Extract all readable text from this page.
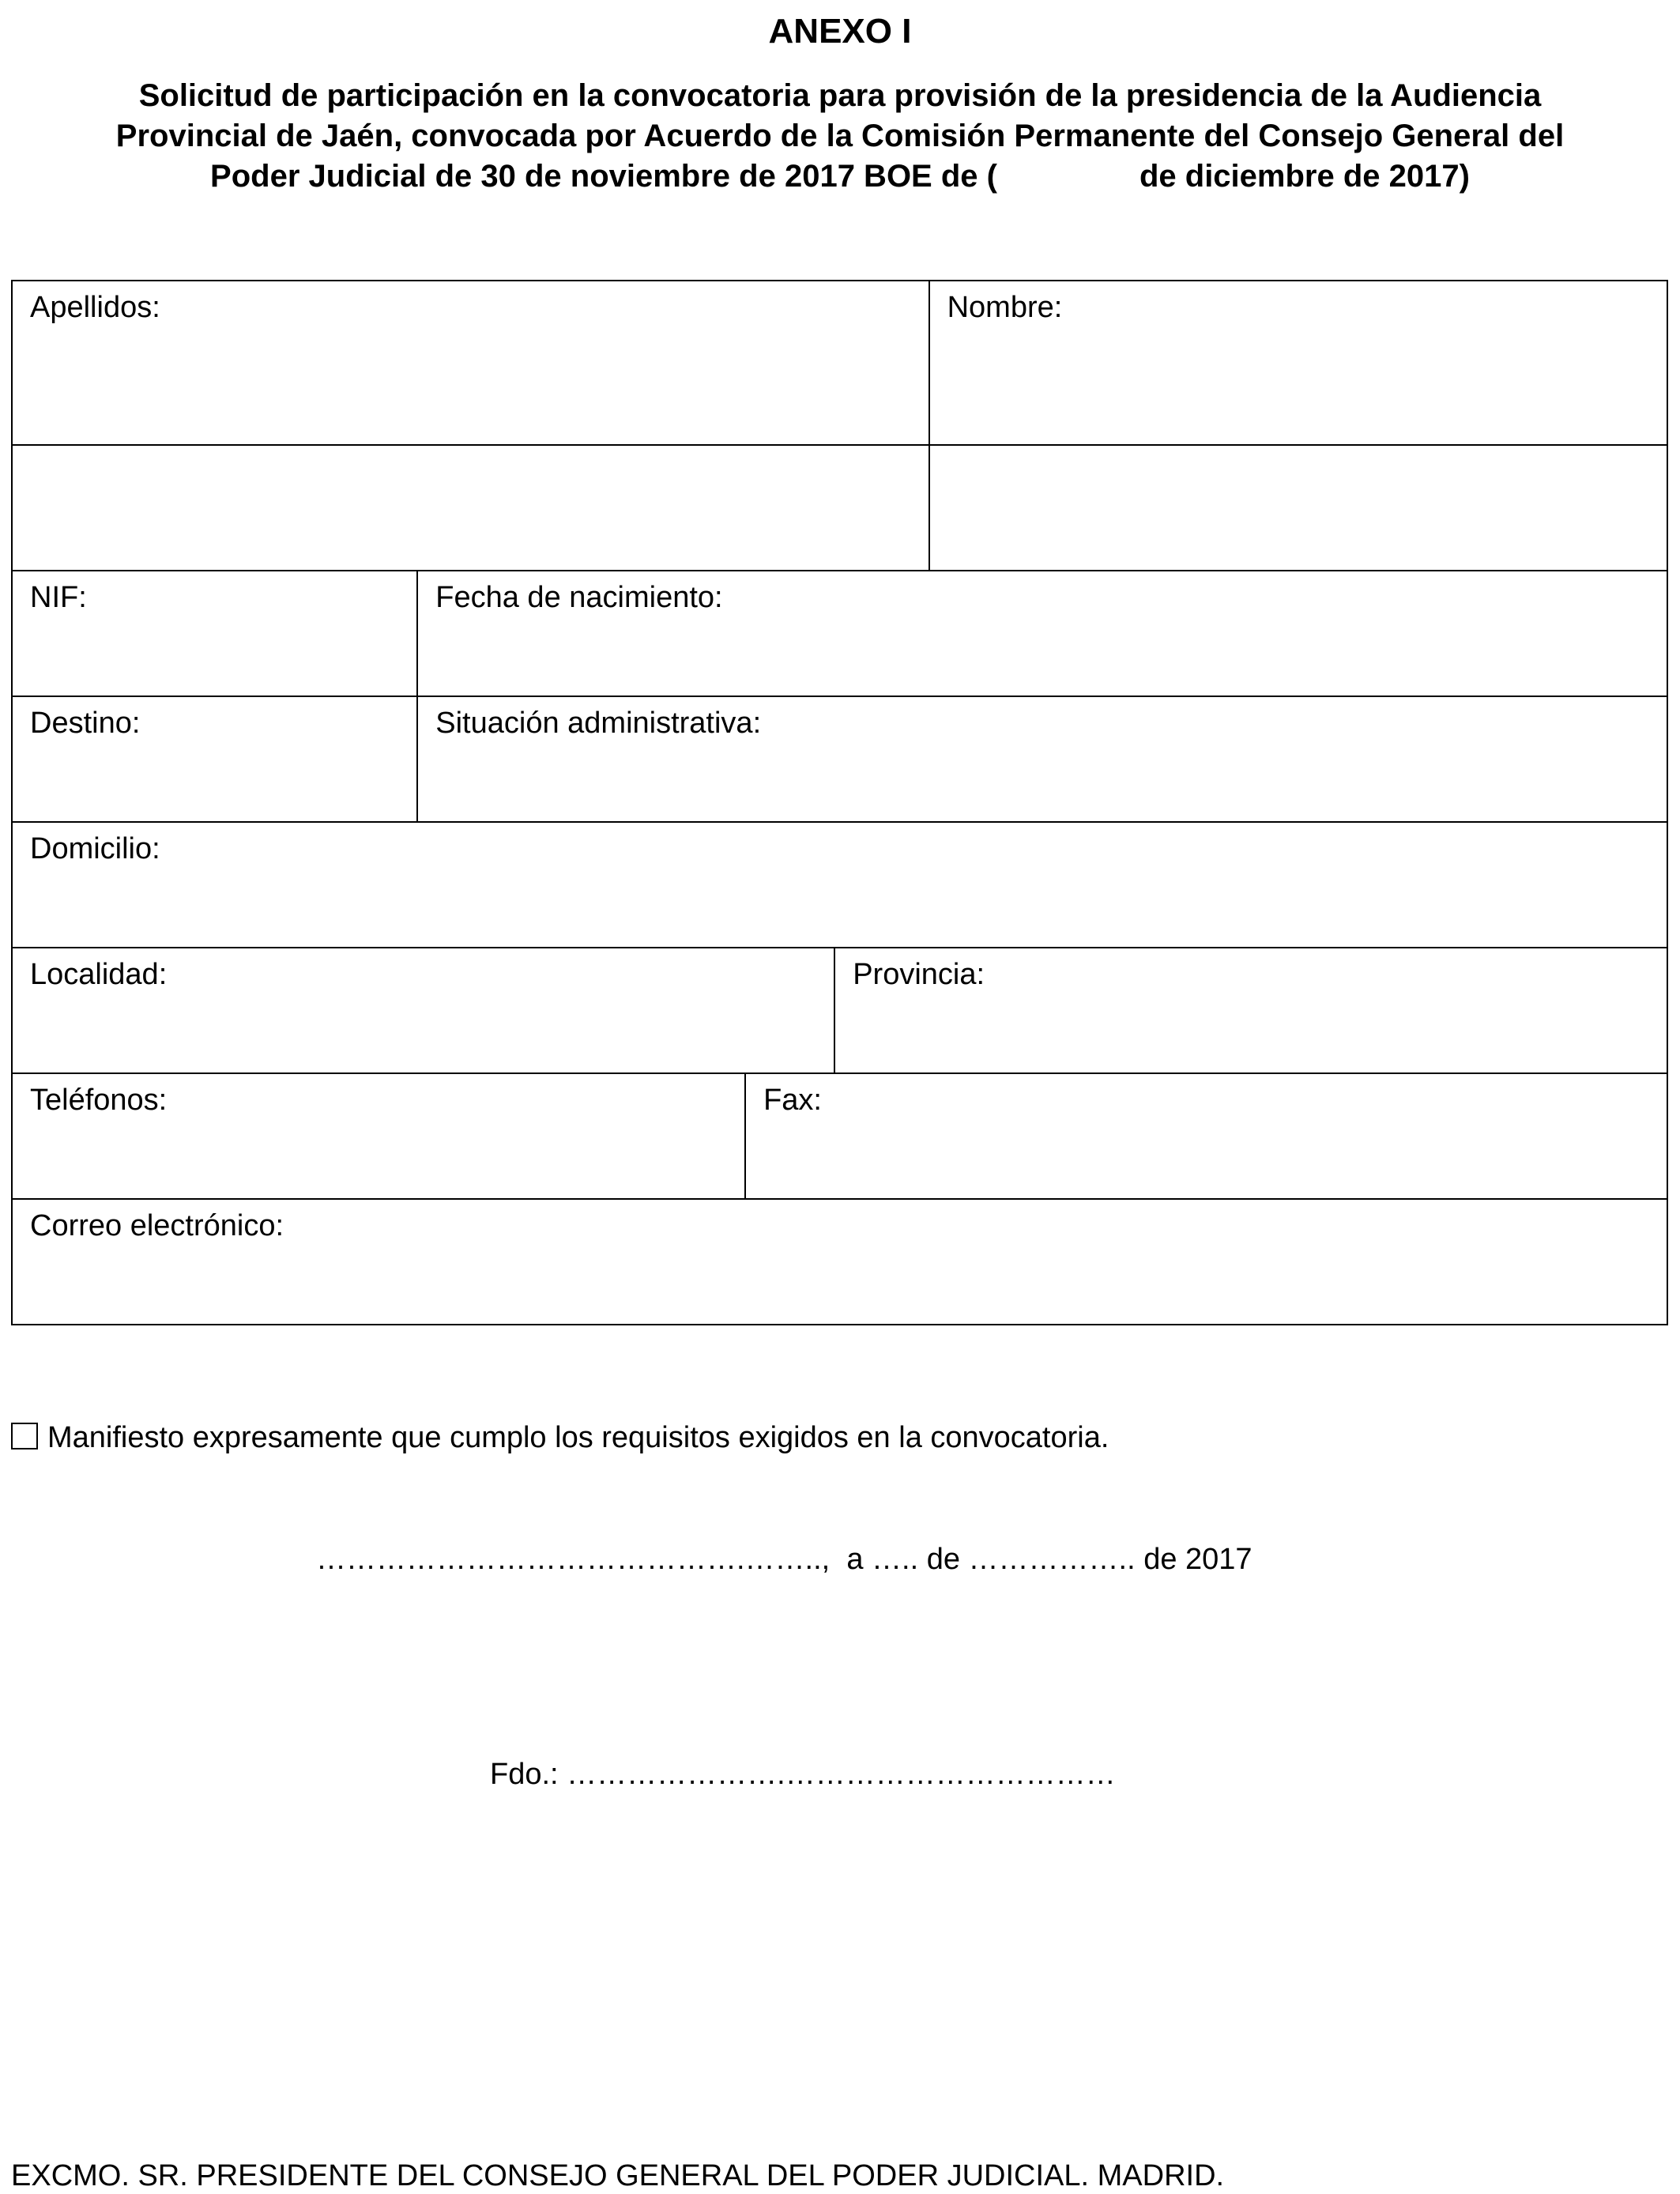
ANEXO I
Solicitud de participación en la convocatoria para provisión de la presidencia de la Audiencia
Provincial de Jaén, convocada por Acuerdo de la Comisión Permanente del Consejo General del
Poder Judicial de 30 de noviembre de 2017 BOE de (	de diciembre de 2017)
Apellidos:				Nombre:

NIF:	Fecha de nacimiento:			
Destino:	Situación administrativa:			
Domicilio:				
Localidad:			Provincia:	
Teléfonos:		Fax:		
Correo electrónico:				
Manifiesto expresamente que cumplo los requisitos exigidos en la convocatoria.
…………………………………….……..,  a ….. de …………….. de 2017
Fdo.: ………………….……………………………
EXCMO. SR. PRESIDENTE DEL CONSEJO GENERAL DEL PODER JUDICIAL. MADRID.
